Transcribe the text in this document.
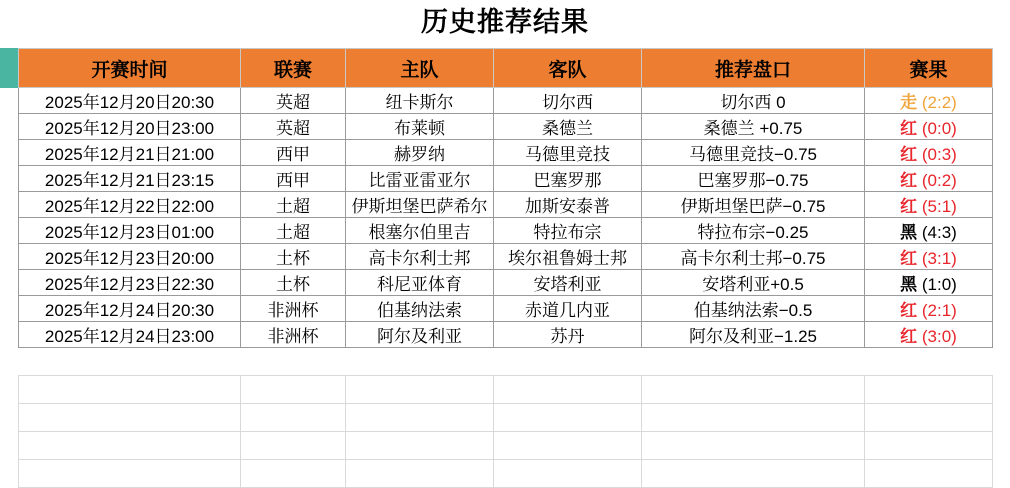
历史推荐结果
开赛时间	联赛	主队	客队	推荐盘口	赛果
2025年12月20日20:30	英超	纽卡斯尔	切尔西	切尔西 0	走 (2:2)
2025年12月20日23:00	英超	布莱顿	桑德兰	桑德兰 +0.75	红 (0:0)
2025年12月21日21:00	西甲	赫罗纳	马德里竞技	马德里竞技−0.75	红 (0:3)
2025年12月21日23:15	西甲	比雷亚雷亚尔	巴塞罗那	巴塞罗那−0.75	红 (0:2)
2025年12月22日22:00	土超	伊斯坦堡巴萨希尔	加斯安泰普	伊斯坦堡巴萨−0.75	红 (5:1)
2025年12月23日01:00	土超	根塞尔伯里吉	特拉布宗	特拉布宗−0.25	黑 (4:3)
2025年12月23日20:00	土杯	高卡尔利士邦	埃尔祖鲁姆士邦	高卡尔利士邦−0.75	红 (3:1)
2025年12月23日22:30	土杯	科尼亚体育	安塔利亚	安塔利亚+0.5	黑 (1:0)
2025年12月24日20:30	非洲杯	伯基纳法索	赤道几内亚	伯基纳法索−0.5	红 (2:1)
2025年12月24日23:00	非洲杯	阿尔及利亚	苏丹	阿尔及利亚−1.25	红 (3:0)
